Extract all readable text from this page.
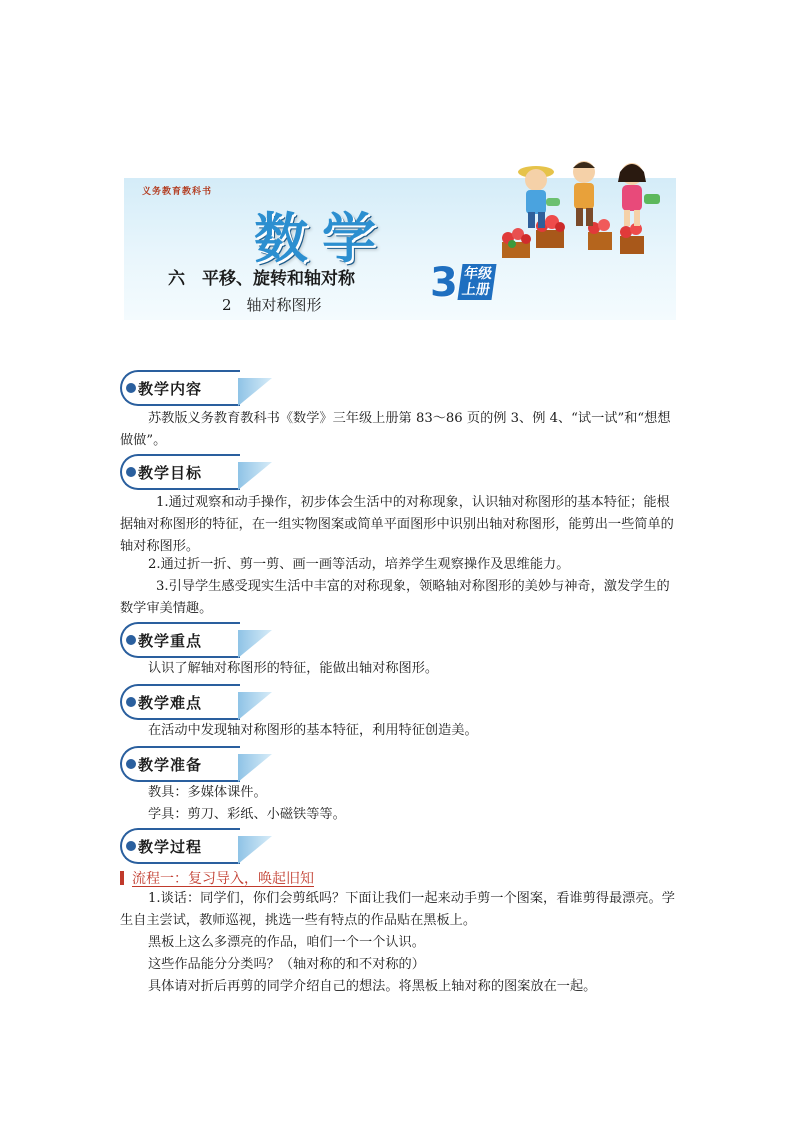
义务教育教科书
数学
六　平移、旋转和轴对称
2　轴对称图形	3 年级
上册
教学内容
苏教版义务教育教科书《数学》三年级上册第 83～86 页的例 3、例 4、“试一试”和“想想做做”。
教学目标
1.通过观察和动手操作，初步体会生活中的对称现象，认识轴对称图形的基本特征；能根据轴对称图形的特征，在一组实物图案或简单平面图形中识别出轴对称图形，能剪出一些简单的轴对称图形。
2.通过折一折、剪一剪、画一画等活动，培养学生观察操作及思维能力。
3.引导学生感受现实生活中丰富的对称现象，领略轴对称图形的美妙与神奇，激发学生的数学审美情趣。
教学重点
认识了解轴对称图形的特征，能做出轴对称图形。
教学难点
在活动中发现轴对称图形的基本特征，利用特征创造美。
教学准备
教具：多媒体课件。
学具：剪刀、彩纸、小磁铁等等。
教学过程
流程一：复习导入，唤起旧知
1.谈话：同学们，你们会剪纸吗？下面让我们一起来动手剪一个图案，看谁剪得最漂亮。学生自主尝试，教师巡视，挑选一些有特点的作品贴在黑板上。
黑板上这么多漂亮的作品，咱们一个一个认识。
这些作品能分分类吗？（轴对称的和不对称的）
具体请对折后再剪的同学介绍自己的想法。将黑板上轴对称的图案放在一起。
